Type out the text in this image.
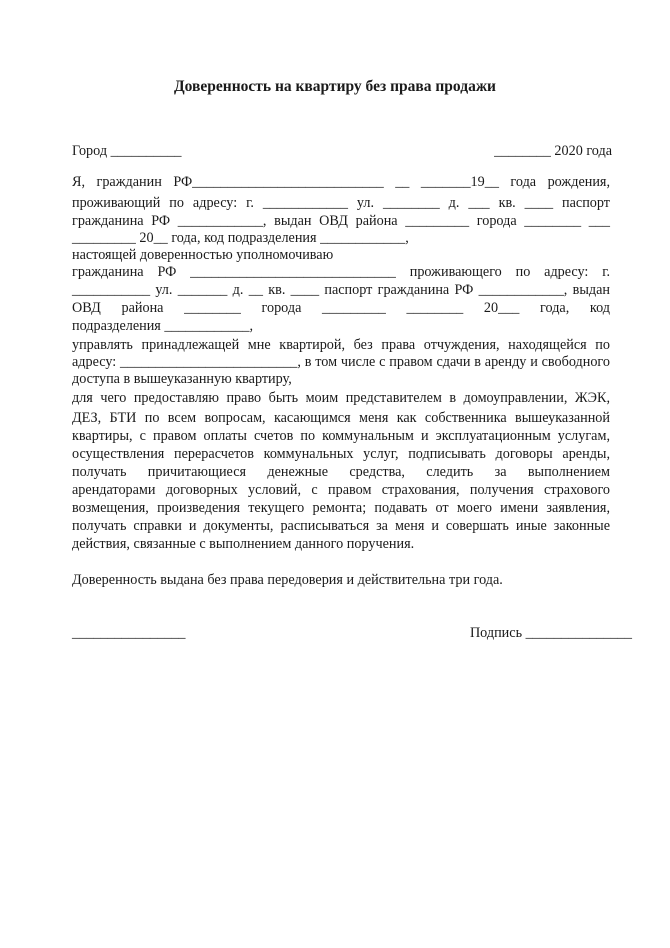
Доверенность на квартиру без права продажи
Город __________	________ 2020 года

Я, гражданин РФ___________________________ __ _______19__ года рождения,

проживающий по адресу: г. ____________ ул. ________ д. ___ кв. ____ паспорт

гражданина РФ ____________, выдан ОВД района _________ города ________ ___

_________ 20__ года, код подразделения ____________,

настоящей доверенностью уполномочиваю

гражданина РФ _____________________________ проживающего по адресу: г.

___________ ул. _______ д. __ кв. ____ паспорт гражданина РФ ____________, выдан

ОВД района ________ города _________ ________ 20___ года, код

подразделения ____________,

управлять принадлежащей мне квартирой, без права отчуждения, находящейся по

адресу: _________________________, в том числе с правом сдачи в аренду и свободного

доступа в вышеуказанную квартиру,

для чего предоставляю право быть моим представителем в домоуправлении, ЖЭК,

ДЕЗ, БТИ по всем вопросам, касающимся меня как собственника вышеуказанной

квартиры, с правом оплаты счетов по коммунальным и эксплуатационным услугам,

осуществления перерасчетов коммунальных услуг, подписывать договоры аренды,

получать причитающиеся денежные средства, следить за выполнением

арендаторами договорных условий, с правом страхования, получения страхового

возмещения, произведения текущего ремонта; подавать от моего имени заявления,

получать справки и документы, расписываться за меня и совершать иные законные

действия, связанные с выполнением данного поручения.

Доверенность выдана без права передоверия и действительна три года.

________________	Подпись _______________
